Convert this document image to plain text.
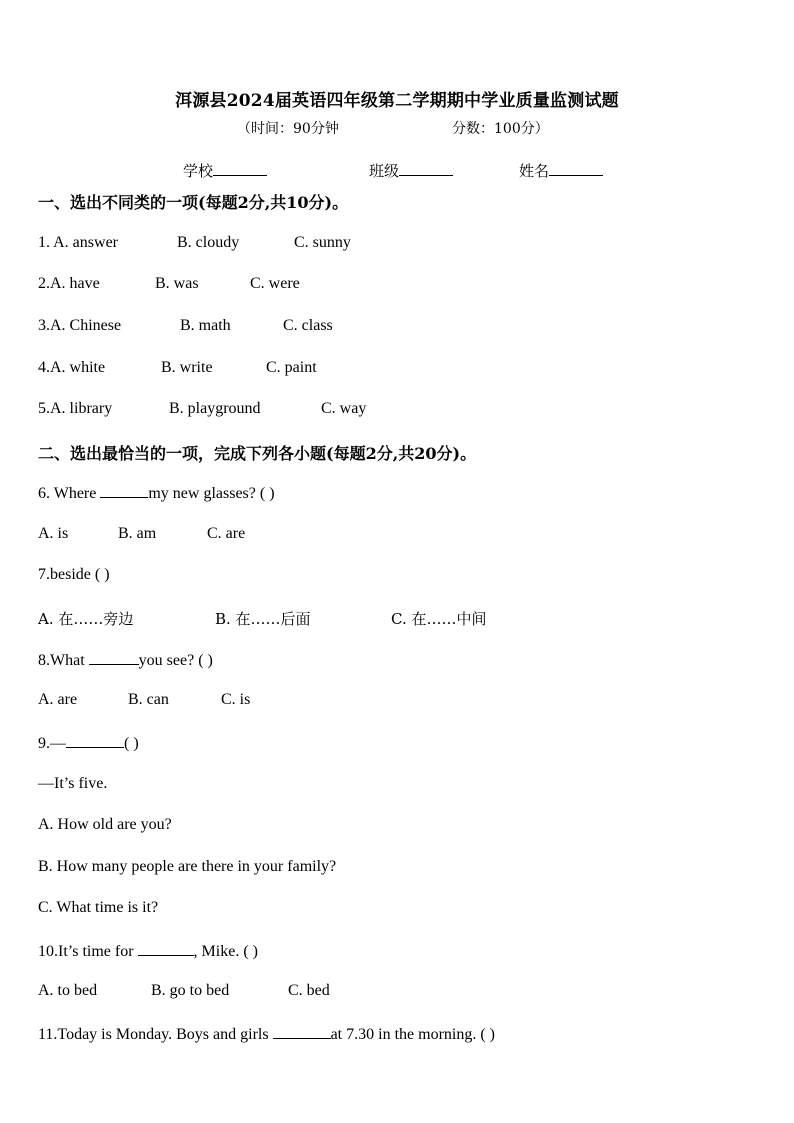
洱源县2024届英语四年级第二学期期中学业质量监测试题
（时间：90分钟	分数：100分）
学校	班级	姓名
一、选出不同类的一项(每题2分,共10分)。
1. A. answer	B. cloudy	C. sunny
2.A. have	B. was	C. were
3.A. Chinese	B. math	C. class
4.A. white	B. write	C. paint
5.A. library	B. playground	C. way
二、选出最恰当的一项，完成下列各小题(每题2分,共20分)。
6. Where	my new glasses? ( )
A. is	B. am	C. are
7.beside ( )
A. 在……旁边	B. 在……后面	C. 在……中间
8.What	you see? ( )
A. are	B. can	C. is
9.—	( )
—It’s five.
A. How old are you?
B. How many people are there in your family?
C. What time is it?
10.It’s time for	, Mike. ( )
A. to bed	B. go to bed	C. bed
11.Today is Monday. Boys and girls	at 7.30 in the morning. ( )
